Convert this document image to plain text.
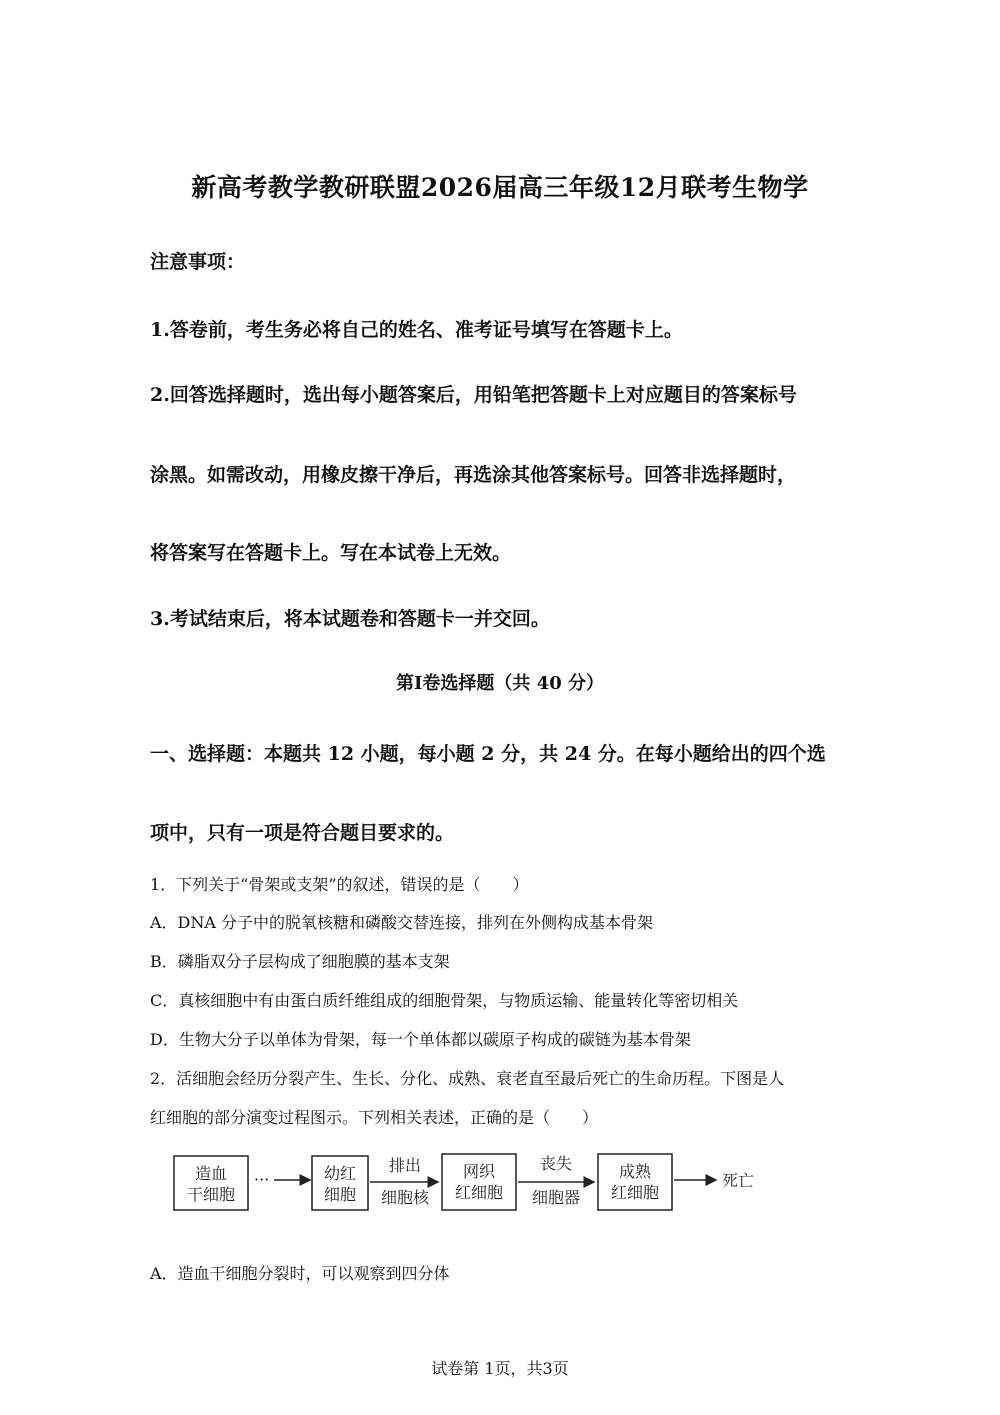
新高考教学教研联盟2026届高三年级12月联考生物学
注意事项：
1.答卷前，考生务必将自己的姓名、准考证号填写在答题卡上。
2.回答选择题时，选出每小题答案后，用铅笔把答题卡上对应题目的答案标号
涂黑。如需改动，用橡皮擦干净后，再选涂其他答案标号。回答非选择题时，
将答案写在答题卡上。写在本试卷上无效。
3.考试结束后，将本试题卷和答题卡一并交回。
第Ⅰ卷选择题（共 40 分）
一、选择题：本题共 12 小题，每小题 2 分，共 24 分。在每小题给出的四个选
项中，只有一项是符合题目要求的。
1．下列关于“骨架或支架”的叙述，错误的是（　　）
A．DNA 分子中的脱氧核糖和磷酸交替连接，排列在外侧构成基本骨架
B．磷脂双分子层构成了细胞膜的基本支架
C．真核细胞中有由蛋白质纤维组成的细胞骨架，与物质运输、能量转化等密切相关
D．生物大分子以单体为骨架，每一个单体都以碳原子构成的碳链为基本骨架
2．活细胞会经历分裂产生、生长、分化、成熟、衰老直至最后死亡的生命历程。下图是人
红细胞的部分演变过程图示。下列相关表述，正确的是（　　）
造血
干细胞
···	幼红
细胞
排出
细胞核
网织
红细胞
丧失
细胞器
成熟
红细胞
死亡
A．造血干细胞分裂时，可以观察到四分体
试卷第 1页，共3页
